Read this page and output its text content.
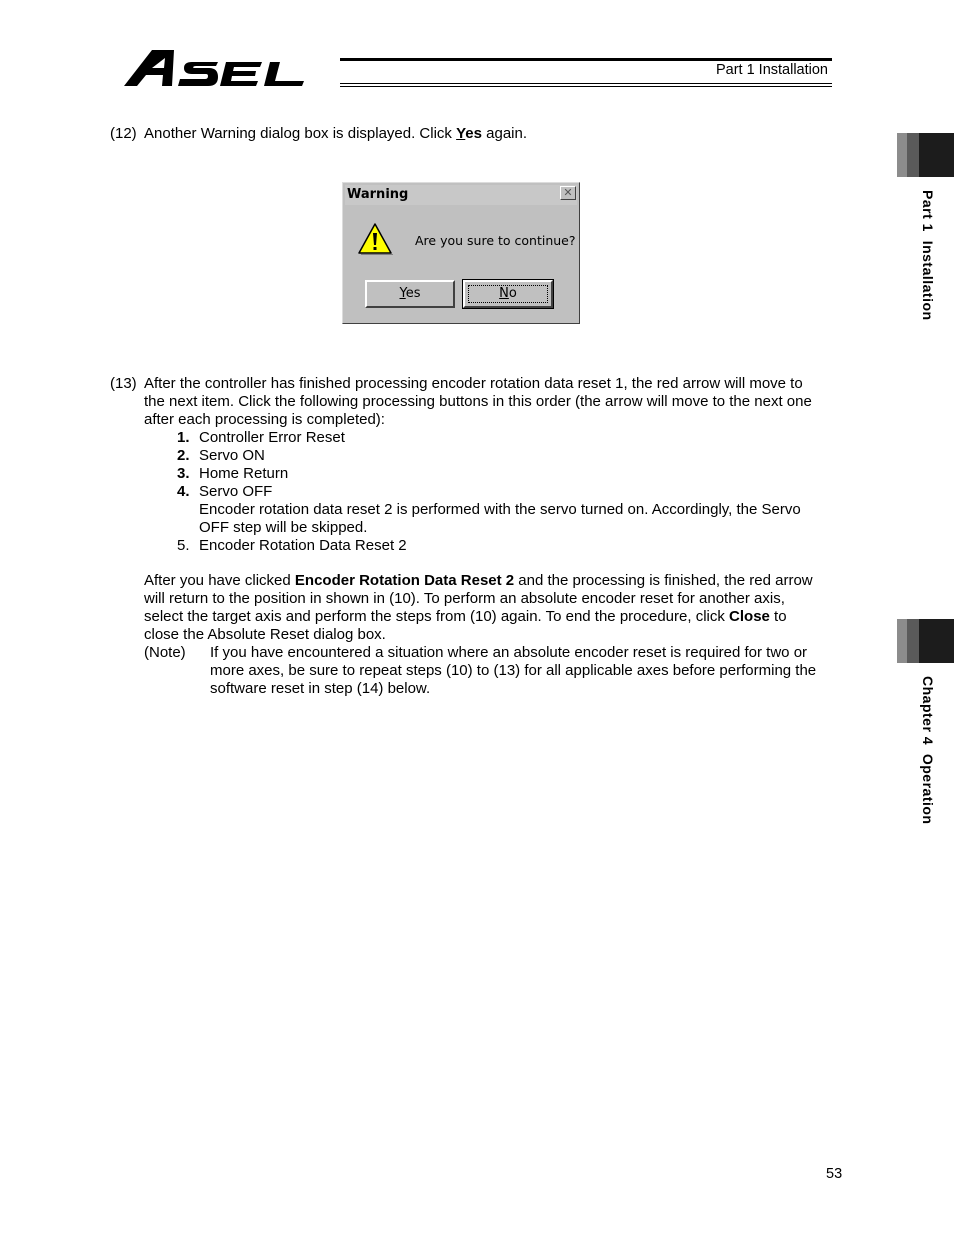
Part 1 Installation
Part 1  Installation
Chapter 4  Operation
(12) Another Warning dialog box is displayed. Click Yes again.
Warning	✕
Are you sure to continue?
Yes	No
(13) After the controller has finished processing encoder rotation data reset 1, the red arrow will move to
the next item. Click the following processing buttons in this order (the arrow will move to the next one
after each processing is completed):
1. Controller Error Reset
2. Servo ON
3. Home Return
4. Servo OFF
Encoder rotation data reset 2 is performed with the servo turned on. Accordingly, the Servo
OFF step will be skipped.
5. Encoder Rotation Data Reset 2
After you have clicked Encoder Rotation Data Reset 2 and the processing is finished, the red arrow
will return to the position in shown in (10). To perform an absolute encoder reset for another axis,
select the target axis and perform the steps from (10) again. To end the procedure, click Close to
close the Absolute Reset dialog box.
(Note) If you have encountered a situation where an absolute encoder reset is required for two or
more axes, be sure to repeat steps (10) to (13) for all applicable axes before performing the
software reset in step (14) below.
53
